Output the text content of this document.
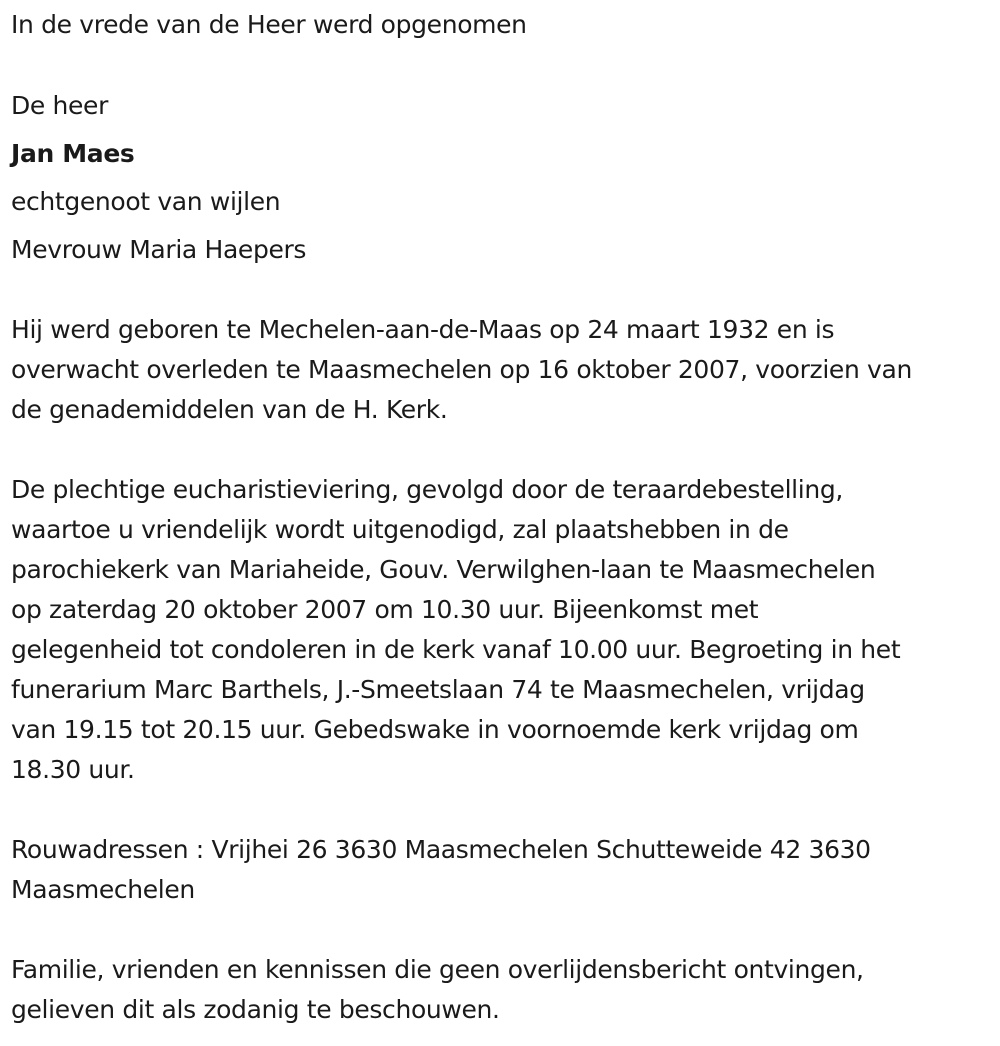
In de vrede van de Heer werd opgenomen
De heer
Jan Maes
echtgenoot van wijlen
Mevrouw Maria Haepers
Hij werd geboren te Mechelen-aan-de-Maas op 24 maart 1932 en is
overwacht overleden te Maasmechelen op 16 oktober 2007, voorzien van
de genademiddelen van de H. Kerk.
De plechtige eucharistieviering, gevolgd door de teraardebestelling,
waartoe u vriendelijk wordt uitgenodigd, zal plaatshebben in de
parochiekerk van Mariaheide, Gouv. Verwilghen-laan te Maasmechelen
op zaterdag 20 oktober 2007 om 10.30 uur. Bijeenkomst met
gelegenheid tot condoleren in de kerk vanaf 10.00 uur. Begroeting in het
funerarium Marc Barthels, J.-Smeetslaan 74 te Maasmechelen, vrijdag
van 19.15 tot 20.15 uur. Gebedswake in voornoemde kerk vrijdag om
18.30 uur.
Rouwadressen : Vrijhei 26 3630 Maasmechelen Schutteweide 42 3630
Maasmechelen
Familie, vrienden en kennissen die geen overlijdensbericht ontvingen,
gelieven dit als zodanig te beschouwen.
